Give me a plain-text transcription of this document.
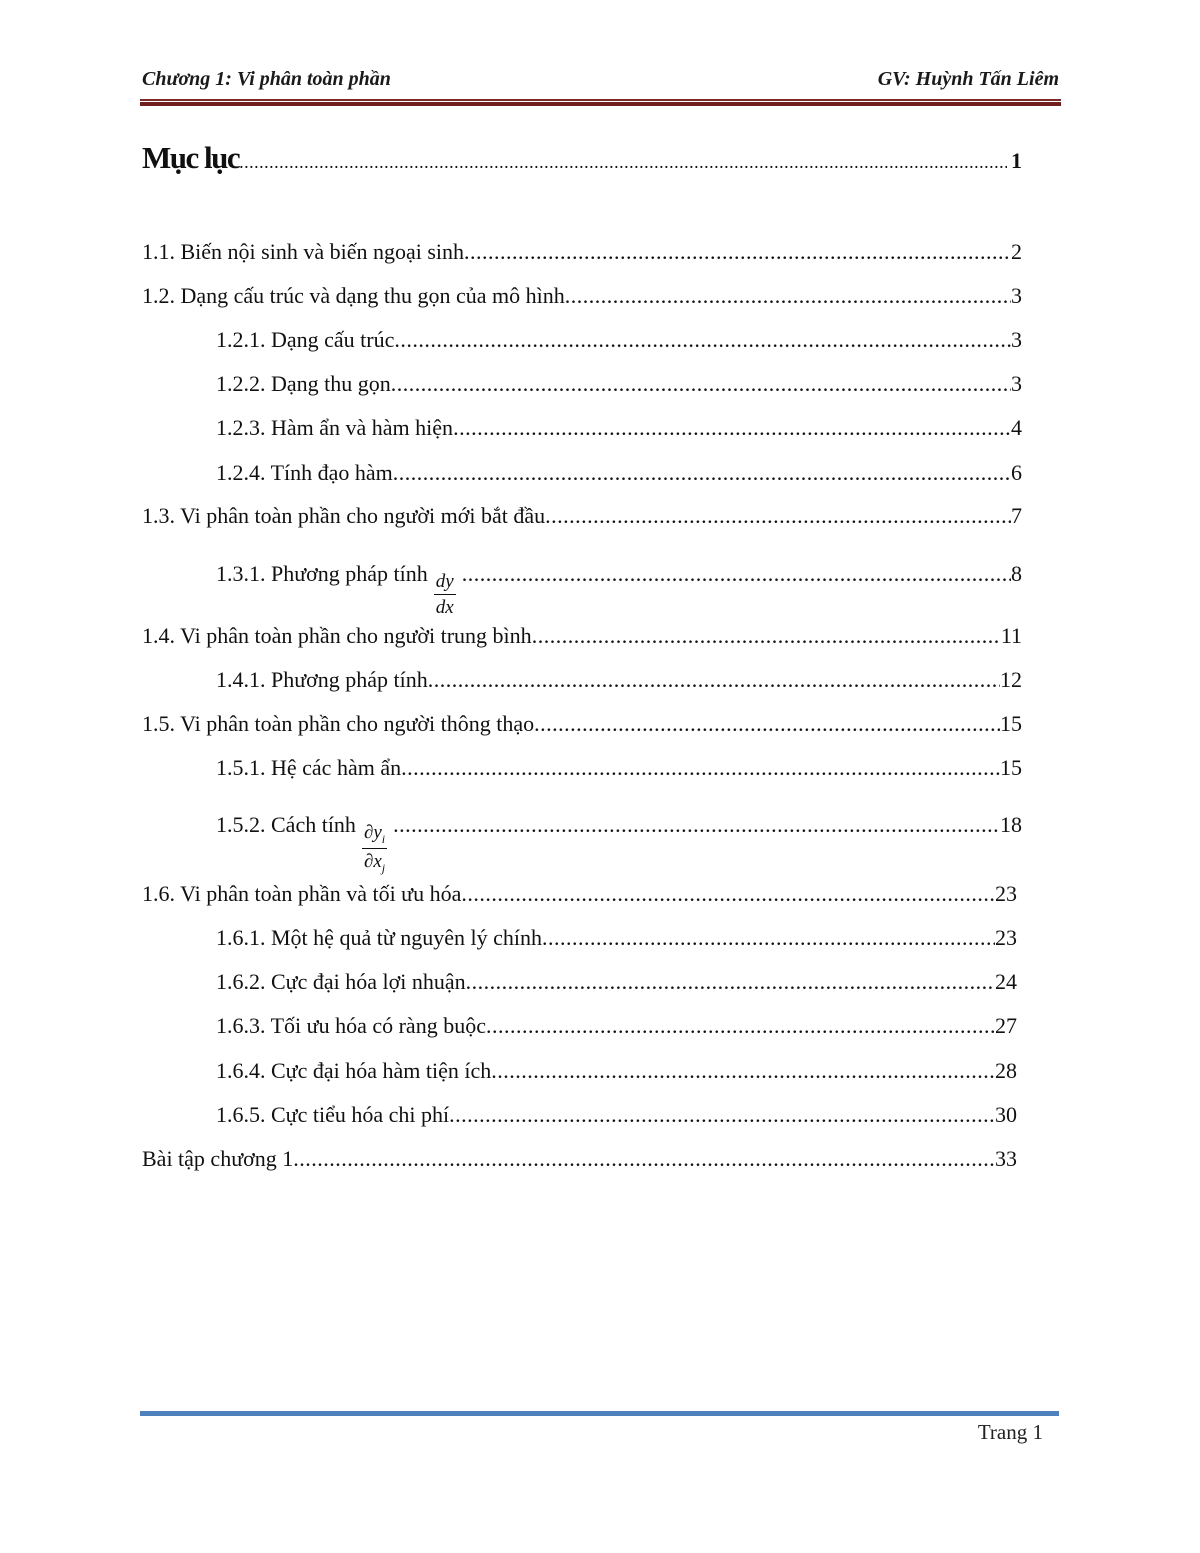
Chương 1: Vi phân toàn phần	GV: Huỳnh Tấn Liêm
Mục lục .....	1
1.1. Biến nội sinh và biến ngoại sinh .....	2
1.2. Dạng cấu trúc và dạng thu gọn của mô hình .....	3
1.2.1. Dạng cấu trúc .....	3
1.2.2. Dạng thu gọn .....	3
1.2.3. Hàm ẩn và hàm hiện .....	4
1.2.4. Tính đạo hàm .....	6
1.3. Vi phân toàn phần cho người mới bắt đầu .....	7
1.3.1. Phương pháp tính $\frac{dy}{dx}$ .....	8
1.4. Vi phân toàn phần cho người trung bình .....	11
1.4.1. Phương pháp tính .....	12
1.5. Vi phân toàn phần cho người thông thạo .....	15
1.5.1. Hệ các hàm ẩn .....	15
1.5.2. Cách tính $\frac{\partial y_i}{\partial x_j}$ .....	18
1.6. Vi phân toàn phần và tối ưu hóa .....	23
1.6.1. Một hệ quả từ nguyên lý chính .....	23
1.6.2. Cực đại hóa lợi nhuận .....	24
1.6.3. Tối ưu hóa có ràng buộc .....	27
1.6.4. Cực đại hóa hàm tiện ích .....	28
1.6.5. Cực tiểu hóa chi phí .....	30
Bài tập chương 1 .....	33
Trang 1
